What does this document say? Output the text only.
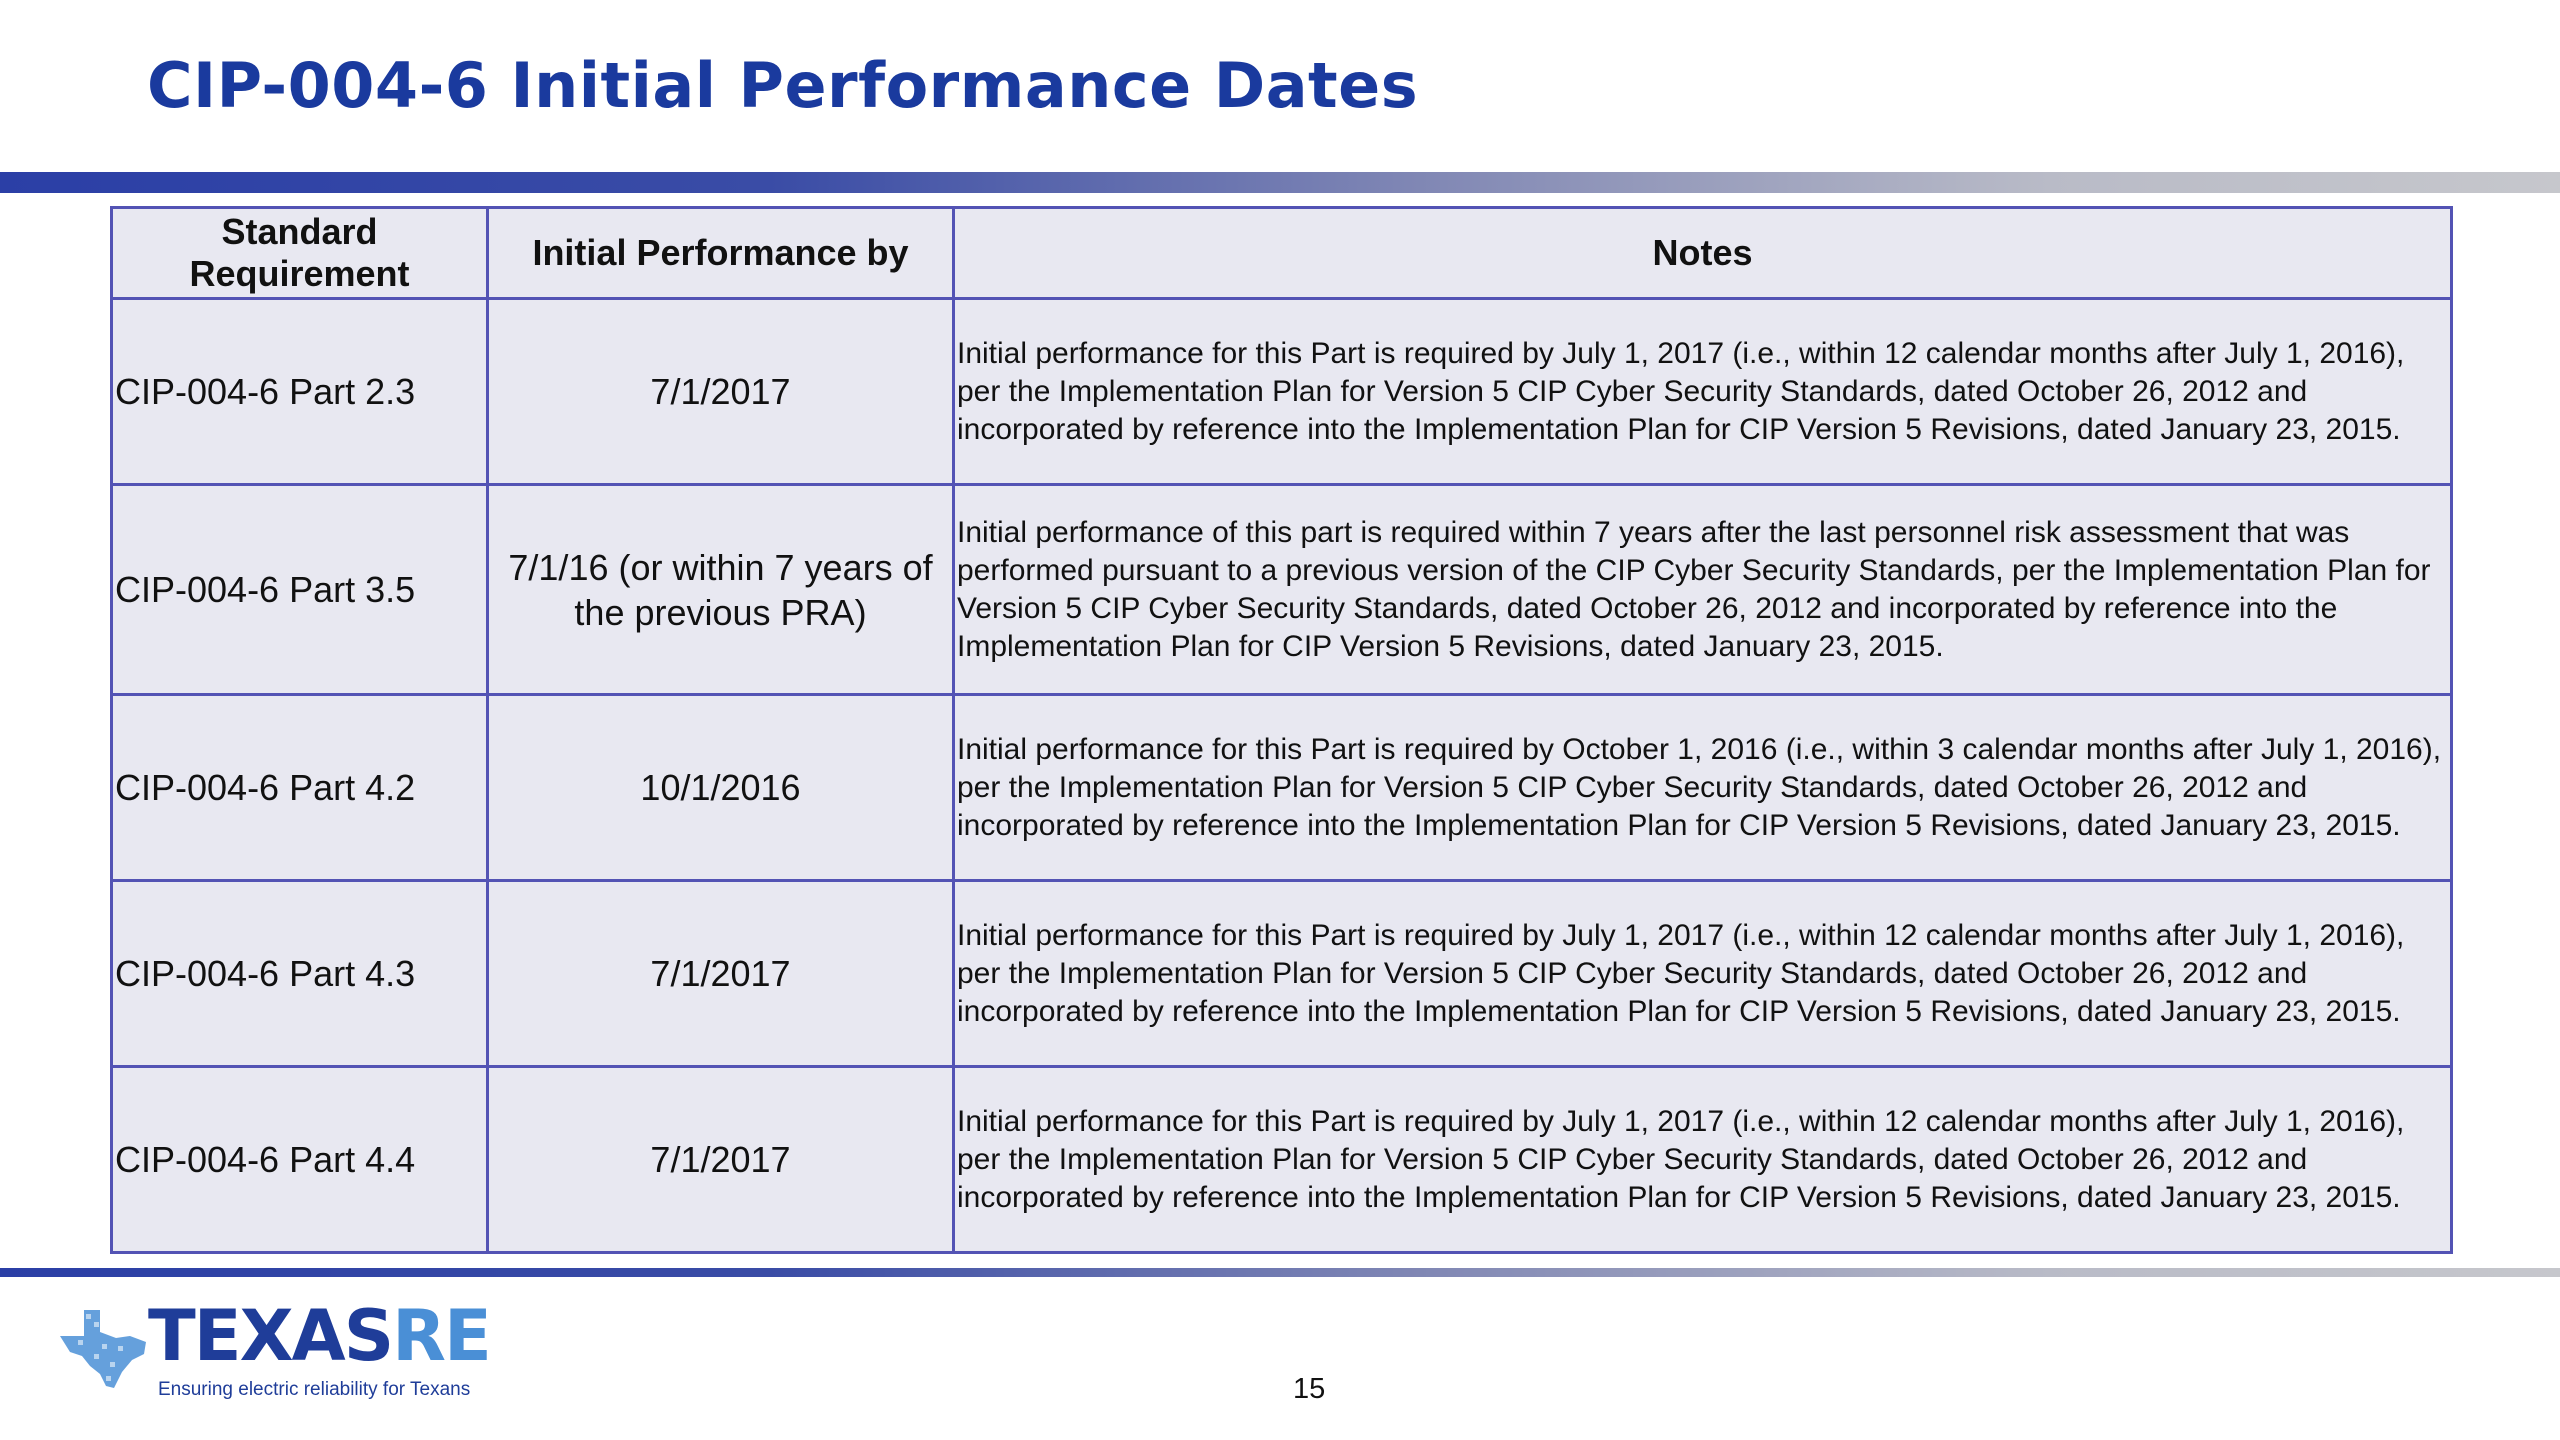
CIP-004-6 Initial Performance Dates
Standard Requirement	Initial Performance by	Notes
CIP-004-6 Part 2.3	7/1/2017	Initial performance for this Part is required by July 1, 2017 (i.e., within 12 calendar months after July 1, 2016), per the Implementation Plan for Version 5 CIP Cyber Security Standards, dated October 26, 2012 and incorporated by reference into the Implementation Plan for CIP Version 5 Revisions, dated January 23, 2015.
CIP-004-6 Part 3.5	7/1/16 (or within 7 years of the previous PRA)	Initial performance of this part is required within 7 years after the last personnel risk assessment that was performed pursuant to a previous version of the CIP Cyber Security Standards, per the Implementation Plan for Version 5 CIP Cyber Security Standards, dated October 26, 2012 and incorporated by reference into the Implementation Plan for CIP Version 5 Revisions, dated January 23, 2015.
CIP-004-6 Part 4.2	10/1/2016	Initial performance for this Part is required by October 1, 2016 (i.e., within 3 calendar months after July 1, 2016), per the Implementation Plan for Version 5 CIP Cyber Security Standards, dated October 26, 2012 and incorporated by reference into the Implementation Plan for CIP Version 5 Revisions, dated January 23, 2015.
CIP-004-6 Part 4.3	7/1/2017	Initial performance for this Part is required by July 1, 2017 (i.e., within 12 calendar months after July 1, 2016), per the Implementation Plan for Version 5 CIP Cyber Security Standards, dated October 26, 2012 and incorporated by reference into the Implementation Plan for CIP Version 5 Revisions, dated January 23, 2015.
CIP-004-6 Part 4.4	7/1/2017	Initial performance for this Part is required by July 1, 2017 (i.e., within 12 calendar months after July 1, 2016), per the Implementation Plan for Version 5 CIP Cyber Security Standards, dated October 26, 2012 and incorporated by reference into the Implementation Plan for CIP Version 5 Revisions, dated January 23, 2015.
TEXASRE
Ensuring electric reliability for Texans	15
